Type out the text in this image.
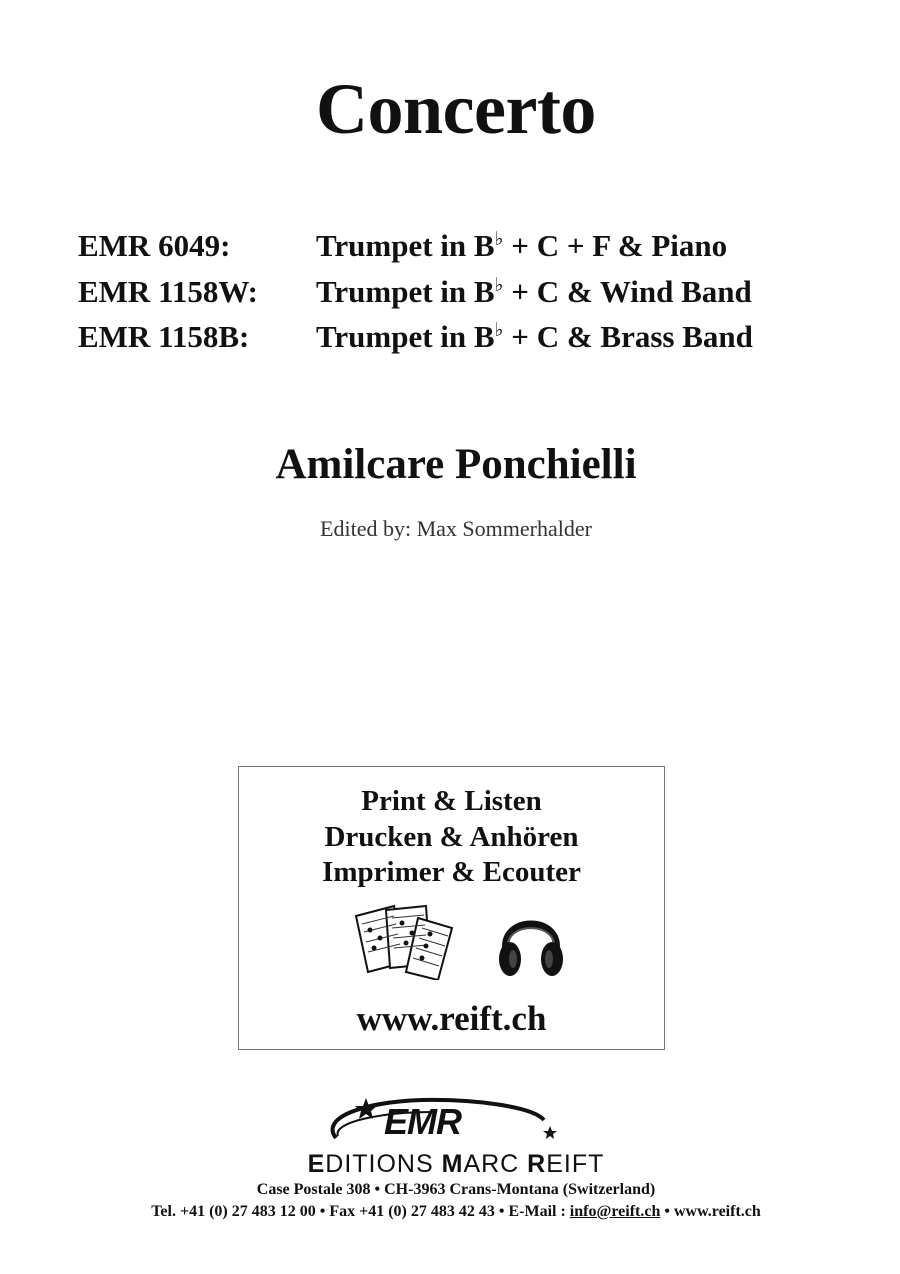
Concerto
EMR 6049:	Trumpet in B♭ + C + F & Piano
EMR 1158W: Trumpet in B♭ + C & Wind Band
EMR 1158B: Trumpet in B♭ + C & Brass Band
Amilcare Ponchielli
Edited by: Max Sommerhalder
Print & Listen
Drucken & Anhören
Imprimer & Ecouter
www.reift.ch
EMR
EDITIONS MARC REIFT
Case Postale 308 • CH-3963 Crans-Montana (Switzerland)
Tel. +41 (0) 27 483 12 00 • Fax +41 (0) 27 483 42 43 • E-Mail : info@reift.ch • www.reift.ch
